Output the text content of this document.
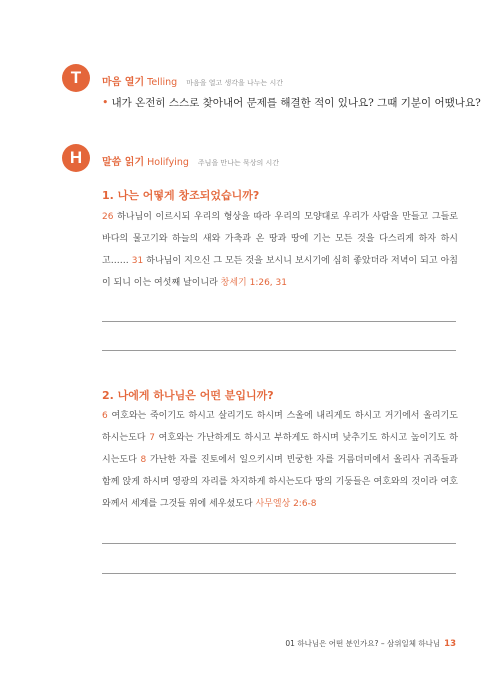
T	마음 열기 Telling 마음을 열고 생각을 나누는 시간
• 내가 온전히 스스로 찾아내어 문제를 해결한 적이 있나요? 그때 기분이 어땠나요?
H	말씀 읽기 Holifying 주님을 만나는 묵상의 시간
1. 나는 어떻게 창조되었습니까?
26 하나님이 이르시되 우리의 형상을 따라 우리의 모양대로 우리가 사람을 만들고 그들로 바다의 물고기와 하늘의 새와 가축과 온 땅과 땅에 기는 모든 것을 다스리게 하자 하시고…… 31 하나님이 지으신 그 모든 것을 보시니 보시기에 심히 좋았더라 저녁이 되고 아침이 되니 이는 여섯째 날이니라 창세기 1:26, 31
2. 나에게 하나님은 어떤 분입니까?
6 여호와는 죽이기도 하시고 살리기도 하시며 스올에 내리게도 하시고 거기에서 올리기도 하시는도다 7 여호와는 가난하게도 하시고 부하게도 하시며 낮추기도 하시고 높이기도 하시는도다 8 가난한 자를 진토에서 일으키시며 빈궁한 자를 거름더미에서 올리사 귀족들과 함께 앉게 하시며 영광의 자리를 차지하게 하시는도다 땅의 기둥들은 여호와의 것이라 여호와께서 세계를 그것들 위에 세우셨도다 사무엘상 2:6-8
01 하나님은 어떤 분인가요? – 삼위일체 하나님 13
